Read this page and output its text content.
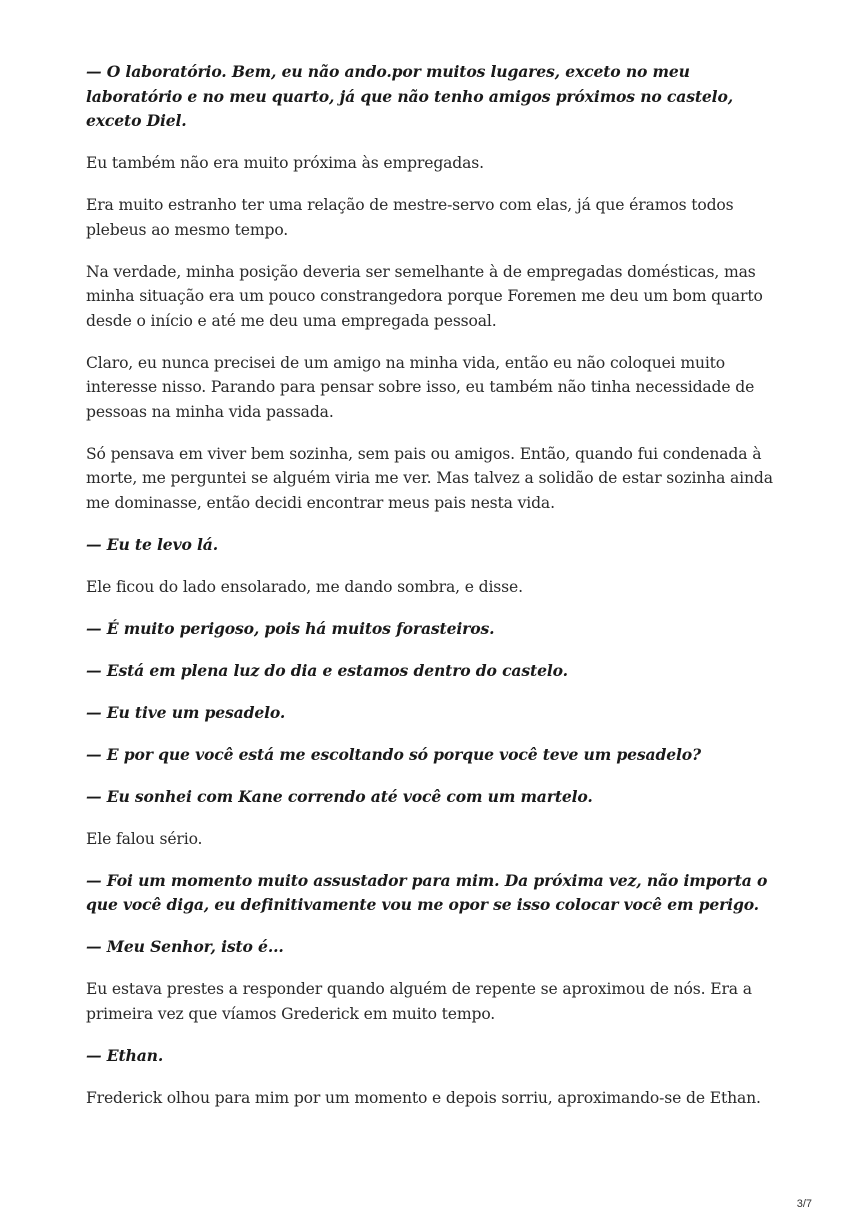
— O laboratório. Bem, eu não ando.por muitos lugares, exceto no meu laboratório e no meu quarto, já que não tenho amigos próximos no castelo, exceto Diel.

Eu também não era muito próxima às empregadas.

Era muito estranho ter uma relação de mestre-servo com elas, já que éramos todos plebeus ao mesmo tempo.

Na verdade, minha posição deveria ser semelhante à de empregadas domésticas, mas minha situação era um pouco constrangedora porque Foremen me deu um bom quarto desde o início e até me deu uma empregada pessoal.

Claro, eu nunca precisei de um amigo na minha vida, então eu não coloquei muito interesse nisso. Parando para pensar sobre isso, eu também não tinha necessidade de pessoas na minha vida passada.

Só pensava em viver bem sozinha, sem pais ou amigos. Então, quando fui condenada à morte, me perguntei se alguém viria me ver. Mas talvez a solidão de estar sozinha ainda me dominasse, então decidi encontrar meus pais nesta vida.

— Eu te levo lá.

Ele ficou do lado ensolarado, me dando sombra, e disse.

— É muito perigoso, pois há muitos forasteiros.

— Está em plena luz do dia e estamos dentro do castelo.

— Eu tive um pesadelo.

— E por que você está me escoltando só porque você teve um pesadelo?

— Eu sonhei com Kane correndo até você com um martelo.

Ele falou sério.

— Foi um momento muito assustador para mim. Da próxima vez, não importa o que você diga, eu definitivamente vou me opor se isso colocar você em perigo.

— Meu Senhor, isto é...

Eu estava prestes a responder quando alguém de repente se aproximou de nós. Era a primeira vez que víamos Grederick em muito tempo.

— Ethan.

Frederick olhou para mim por um momento e depois sorriu, aproximando-se de Ethan.

3/7
